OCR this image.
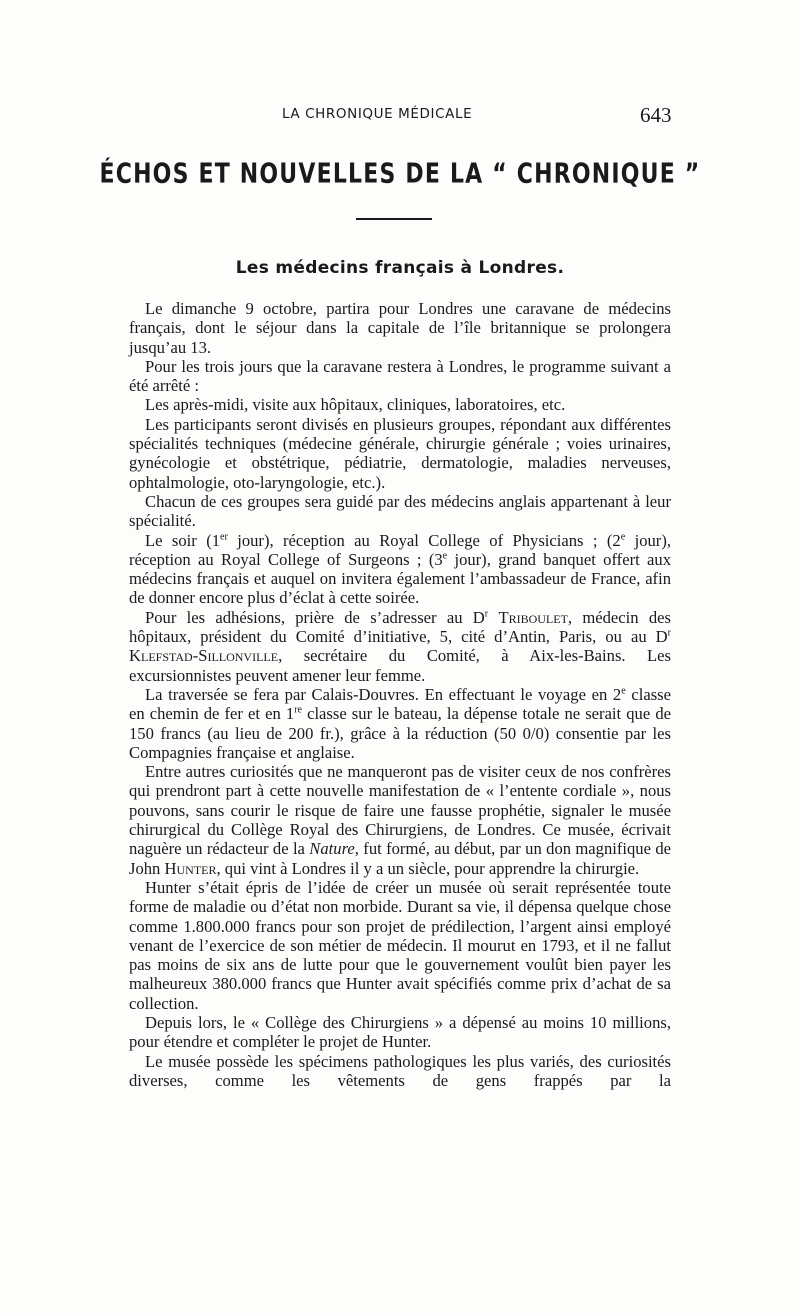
LA CHRONIQUE MÉDICALE	643
ÉCHOS ET NOUVELLES DE LA “ CHRONIQUE ”
Les médecins français à Londres.

Le dimanche 9 octobre, partira pour Londres une caravane de médecins français, dont le séjour dans la capitale de l’île britannique se prolongera jusqu’au 13.

Pour les trois jours que la caravane restera à Londres, le programme suivant a été arrêté :

Les après-midi, visite aux hôpitaux, cliniques, laboratoires, etc.

Les participants seront divisés en plusieurs groupes, répondant aux différentes spécialités techniques (médecine générale, chirurgie générale ; voies urinaires, gynécologie et obstétrique, pédiatrie, dermatologie, maladies nerveuses, ophtalmologie, oto-laryngologie, etc.).

Chacun de ces groupes sera guidé par des médecins anglais appartenant à leur spécialité.

Le soir (1er jour), réception au Royal College of Physicians ; (2e jour), réception au Royal College of Surgeons ; (3e jour), grand banquet offert aux médecins français et auquel on invitera également l’ambassadeur de France, afin de donner encore plus d’éclat à cette soirée.

Pour les adhésions, prière de s’adresser au $D^r$ Triboulet, médecin des hôpitaux, président du Comité d’initiative, 5, cité d’Antin, Paris, ou au $D^r$ Klefstad-Sillonville, secrétaire du Comité, à Aix-les-Bains. Les excursionnistes peuvent amener leur femme.

La traversée se fera par Calais-Douvres. En effectuant le voyage en 2e classe en chemin de fer et en 1re classe sur le bateau, la dépense totale ne serait que de 150 francs (au lieu de 200 fr.), grâce à la réduction (50 0/0) consentie par les Compagnies française et anglaise.

Entre autres curiosités que ne manqueront pas de visiter ceux de nos confrères qui prendront part à cette nouvelle manifestation de « l’entente cordiale », nous pouvons, sans courir le risque de faire une fausse prophétie, signaler le musée chirurgical du Collège Royal des Chirurgiens, de Londres. Ce musée, écrivait naguère un rédacteur de la Nature, fut formé, au début, par un don magnifique de John Hunter, qui vint à Londres il y a un siècle, pour apprendre la chirurgie.

Hunter s’était épris de l’idée de créer un musée où serait représentée toute forme de maladie ou d’état non morbide. Durant sa vie, il dépensa quelque chose comme 1.800.000 francs pour son projet de prédilection, l’argent ainsi employé venant de l’exercice de son métier de médecin. Il mourut en 1793, et il ne fallut pas moins de six ans de lutte pour que le gouvernement voulût bien payer les malheureux 380.000 francs que Hunter avait spécifiés comme prix d’achat de sa collection.

Depuis lors, le « Collège des Chirurgiens » a dépensé au moins 10 millions, pour étendre et compléter le projet de Hunter.

Le musée possède les spécimens pathologiques les plus variés, des curiosités diverses, comme les vêtements de gens frappés par la
